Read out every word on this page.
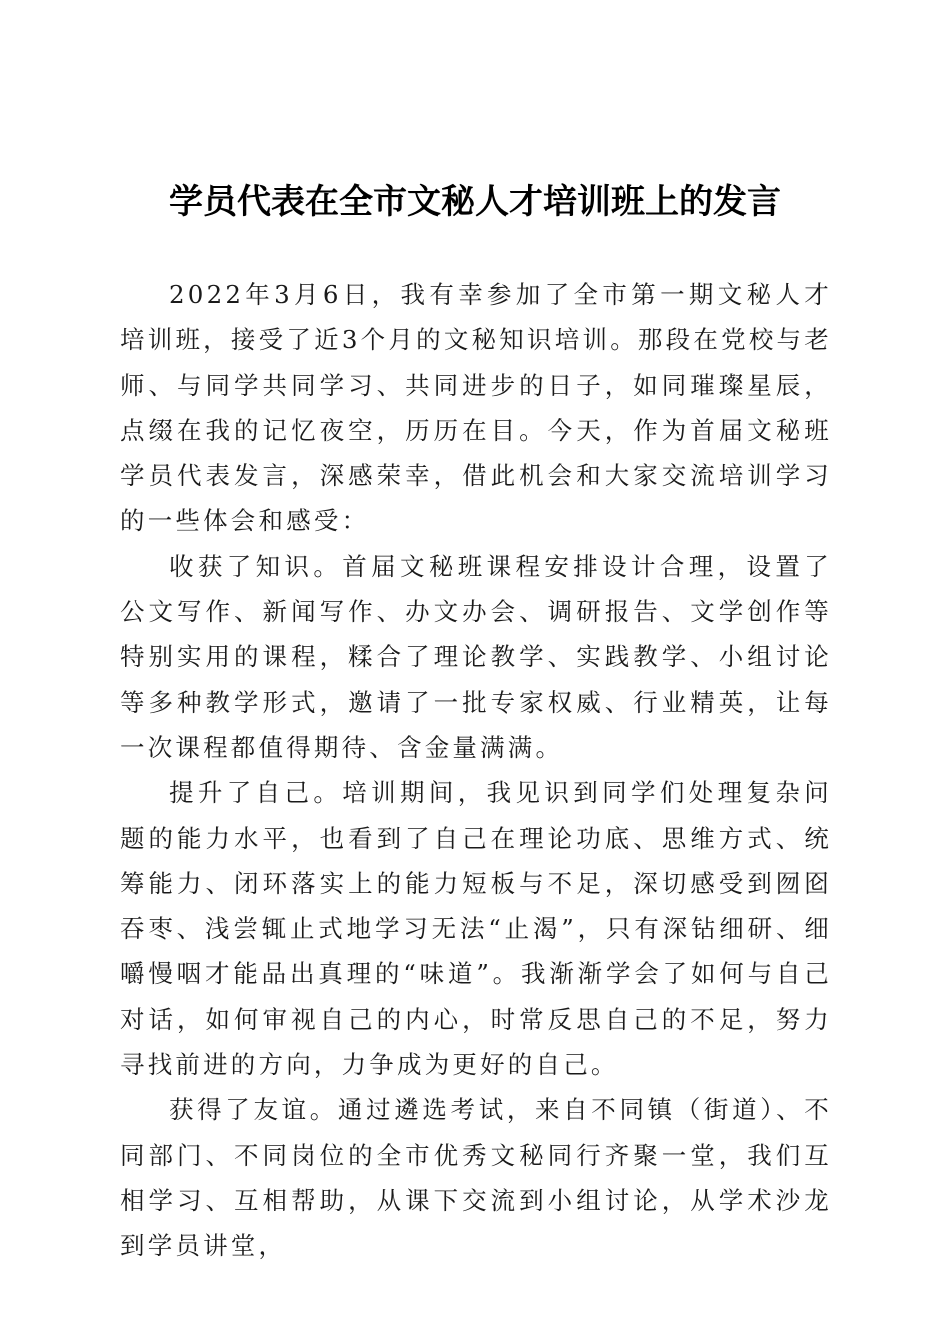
学员代表在全市文秘人才培训班上的发言

2022年3月6日，我有幸参加了全市第一期文秘人才培训班，接受了近3个月的文秘知识培训。那段在党校与老师、与同学共同学习、共同进步的日子，如同璀璨星辰，点缀在我的记忆夜空，历历在目。今天，作为首届文秘班学员代表发言，深感荣幸，借此机会和大家交流培训学习的一些体会和感受：

收获了知识。首届文秘班课程安排设计合理，设置了公文写作、新闻写作、办文办会、调研报告、文学创作等特别实用的课程，糅合了理论教学、实践教学、小组讨论等多种教学形式，邀请了一批专家权威、行业精英，让每一次课程都值得期待、含金量满满。

提升了自己。培训期间，我见识到同学们处理复杂问题的能力水平，也看到了自己在理论功底、思维方式、统筹能力、闭环落实上的能力短板与不足，深切感受到囫囵吞枣、浅尝辄止式地学习无法“止渴”，只有深钻细研、细嚼慢咽才能品出真理的“味道”。我渐渐学会了如何与自己对话，如何审视自己的内心，时常反思自己的不足，努力寻找前进的方向，力争成为更好的自己。

获得了友谊。通过遴选考试，来自不同镇（街道）、不同部门、不同岗位的全市优秀文秘同行齐聚一堂，我们互相学习、互相帮助，从课下交流到小组讨论，从学术沙龙到学员讲堂，
